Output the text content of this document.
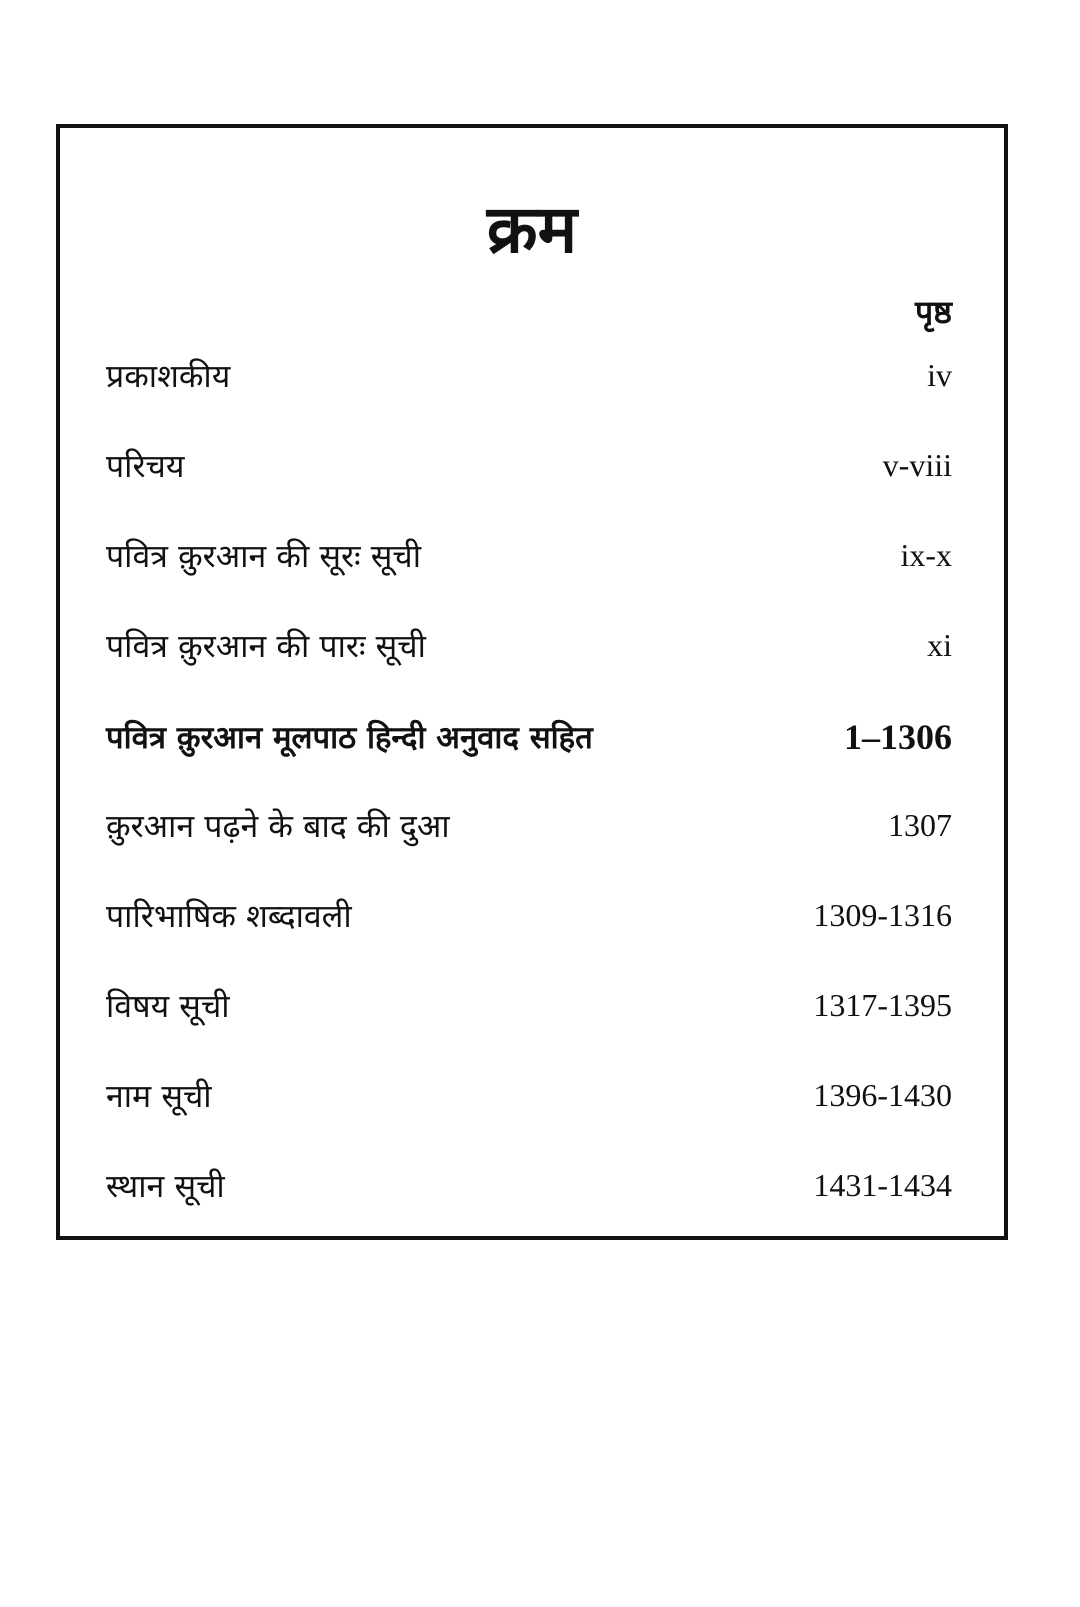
क्रम
पृष्ठ
प्रकाशकीय	iv
परिचय	v-viii
पवित्र क़ुरआन की सूरः सूची	ix-x
पवित्र क़ुरआन की पारः सूची	xi
पवित्र क़ुरआन मूलपाठ हिन्दी अनुवाद सहित	1–1306
क़ुरआन पढ़ने के बाद की दुआ	1307
पारिभाषिक शब्दावली	1309-1316
विषय सूची	1317-1395
नाम सूची	1396-1430
स्थान सूची	1431-1434
